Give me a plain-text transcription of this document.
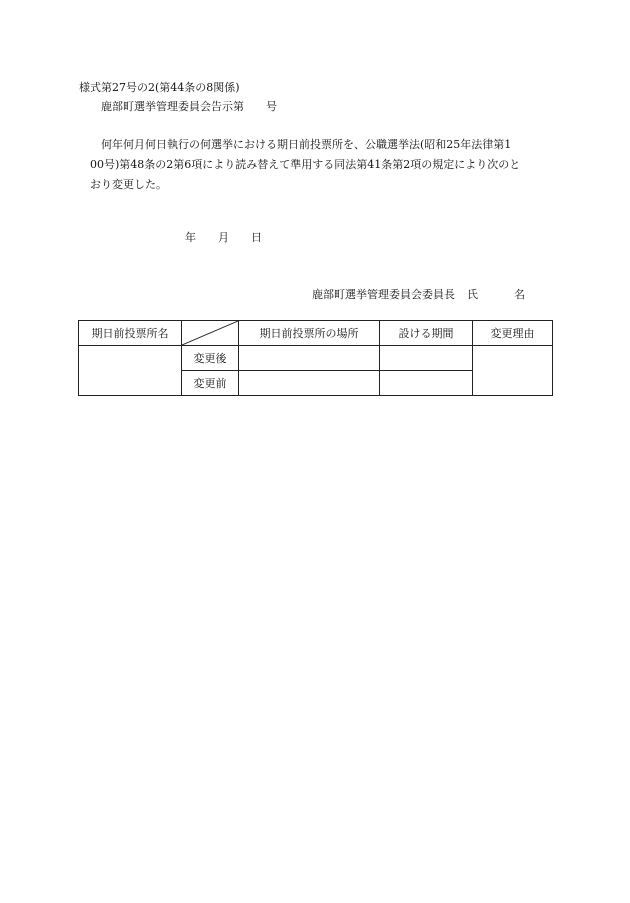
様式第27号の2(第44条の8関係)
鹿部町選挙管理委員会告示第　　号
何年何月何日執行の何選挙における期日前投票所を、公職選挙法(昭和25年法律第1
00号)第48条の2第6項により読み替えて準用する同法第41条第2項の規定により次のと
おり変更した。
年 月 日
鹿部町選挙管理委員会委員長 氏	名
期日前投票所名		期日前投票所の場所	設ける期間	変更理由
	変更後			
	変更前			
